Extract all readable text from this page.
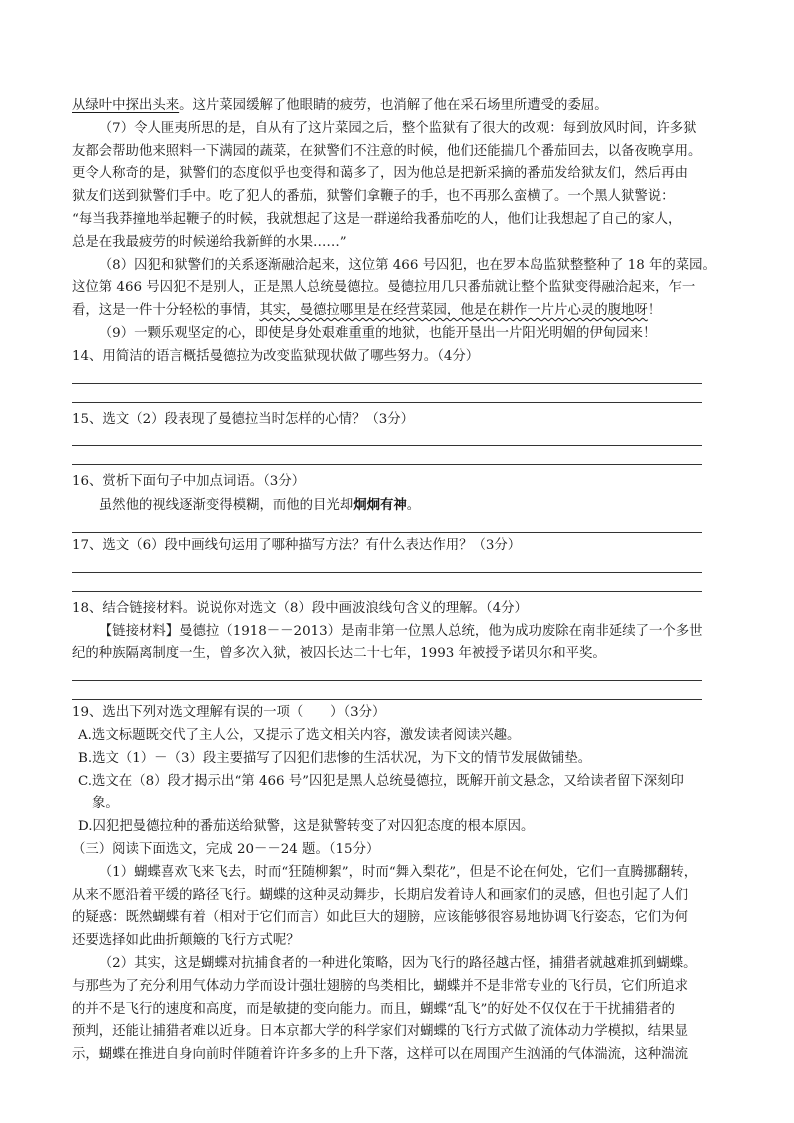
从绿叶中探出头来。这片菜园缓解了他眼睛的疲劳，也消解了他在采石场里所遭受的委屈。

（7）令人匪夷所思的是，自从有了这片菜园之后，整个监狱有了很大的改观：每到放风时间，许多狱

友都会帮助他来照料一下满园的蔬菜，在狱警们不注意的时候，他们还能揣几个番茄回去，以备夜晚享用。

更令人称奇的是，狱警们的态度似乎也变得和蔼多了，因为他总是把新采摘的番茄发给狱友们，然后再由

狱友们送到狱警们手中。吃了犯人的番茄，狱警们拿鞭子的手，也不再那么蛮横了。一个黑人狱警说：

“每当我莽撞地举起鞭子的时候，我就想起了这是一群递给我番茄吃的人，他们让我想起了自己的家人，

总是在我最疲劳的时候递给我新鲜的水果……”

（8）囚犯和狱警们的关系逐渐融洽起来，这位第 466 号囚犯，也在罗本岛监狱整整种了 18 年的菜园。

这位第 466 号囚犯不是别人，正是黑人总统曼德拉。曼德拉用几只番茄就让整个监狱变得融洽起来，乍一

看，这是一件十分轻松的事情，其实，曼德拉哪里是在经营菜园，他是在耕作一片片心灵的腹地呀！

（9）一颗乐观坚定的心，即使是身处艰难重重的地狱，也能开垦出一片阳光明媚的伊甸园来！

14、用简洁的语言概括曼德拉为改变监狱现状做了哪些努力。（4分）

15、选文（2）段表现了曼德拉当时怎样的心情？（3分）

16、赏析下面句子中加点词语。（3分）

虽然他的视线逐渐变得模糊，而他的目光却炯炯有神。

17、选文（6）段中画线句运用了哪种描写方法？有什么表达作用？（3分）

18、结合链接材料。说说你对选文（8）段中画波浪线句含义的理解。（4分）

【链接材料】曼德拉（1918－－2013）是南非第一位黑人总统，他为成功废除在南非延续了一个多世

纪的种族隔离制度一生，曾多次入狱，被囚长达二十七年，1993 年被授予诺贝尔和平奖。

19、选出下列对选文理解有误的一项（　　）（3分）

A.选文标题既交代了主人公，又提示了选文相关内容，激发读者阅读兴趣。

B.选文（1）－（3）段主要描写了囚犯们悲惨的生活状况，为下文的情节发展做铺垫。

C.选文在（8）段才揭示出“第 466 号”囚犯是黑人总统曼德拉，既解开前文悬念，又给读者留下深刻印

象。

D.囚犯把曼德拉种的番茄送给狱警，这是狱警转变了对囚犯态度的根本原因。

（三）阅读下面选文，完成 20－－24 题。（15分）

（1）蝴蝶喜欢飞来飞去，时而“狂随柳絮”，时而“舞入梨花”，但是不论在何处，它们一直腾挪翻转，

从来不愿沿着平缓的路径飞行。蝴蝶的这种灵动舞步，长期启发着诗人和画家们的灵感，但也引起了人们

的疑惑：既然蝴蝶有着（相对于它们而言）如此巨大的翅膀，应该能够很容易地协调飞行姿态，它们为何

还要选择如此曲折颠簸的飞行方式呢？

（2）其实，这是蝴蝶对抗捕食者的一种进化策略，因为飞行的路径越古怪，捕猎者就越难抓到蝴蝶。

与那些为了充分利用气体动力学而设计强壮翅膀的鸟类相比，蝴蝶并不是非常专业的飞行员，它们所追求

的并不是飞行的速度和高度，而是敏捷的变向能力。而且，蝴蝶“乱飞”的好处不仅仅在于干扰捕猎者的

预判，还能让捕猎者难以近身。日本京都大学的科学家们对蝴蝶的飞行方式做了流体动力学模拟，结果显

示，蝴蝶在推进自身向前时伴随着许许多多的上升下落，这样可以在周围产生汹涌的气体湍流，这种湍流
